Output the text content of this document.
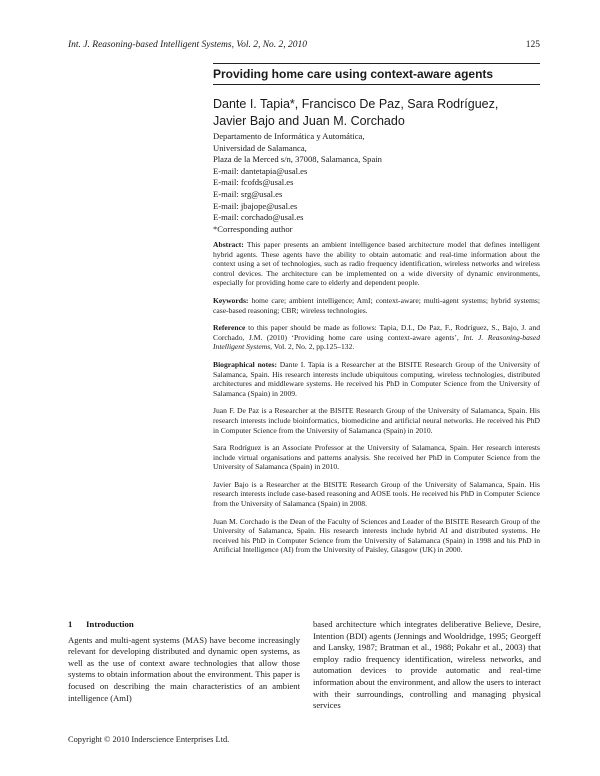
Int. J. Reasoning-based Intelligent Systems, Vol. 2, No. 2, 2010	125
Providing home care using context-aware agents
Dante I. Tapia*, Francisco De Paz, Sara Rodríguez,
Javier Bajo and Juan M. Corchado
Departamento de Informática y Automática,
Universidad de Salamanca,
Plaza de la Merced s/n, 37008, Salamanca, Spain
E-mail: dantetapia@usal.es
E-mail: fcofds@usal.es
E-mail: srg@usal.es
E-mail: jbajope@usal.es
E-mail: corchado@usal.es
*Corresponding author

Abstract: This paper presents an ambient intelligence based architecture model that defines intelligent hybrid agents. These agents have the ability to obtain automatic and real-time information about the context using a set of technologies, such as radio frequency identification, wireless networks and wireless control devices. The architecture can be implemented on a wide diversity of dynamic environments, especially for providing home care to elderly and dependent people.

Keywords: home care; ambient intelligence; AmI; context-aware; multi-agent systems; hybrid systems; case-based reasoning; CBR; wireless technologies.

Reference to this paper should be made as follows: Tapia, D.I., De Paz, F., Rodríguez, S., Bajo, J. and Corchado, J.M. (2010) ‘Providing home care using context-aware agents’, Int. J. Reasoning-based Intelligent Systems, Vol. 2, No. 2, pp.125–132.

Biographical notes: Dante I. Tapia is a Researcher at the BISITE Research Group of the University of Salamanca, Spain. His research interests include ubiquitous computing, wireless technologies, distributed architectures and middleware systems. He received his PhD in Computer Science from the University of Salamanca (Spain) in 2009.

Juan F. De Paz is a Researcher at the BISITE Research Group of the University of Salamanca, Spain. His research interests include bioinformatics, biomedicine and artificial neural networks. He received his PhD in Computer Science from the University of Salamanca (Spain) in 2010.

Sara Rodríguez is an Associate Professor at the University of Salamanca, Spain. Her research interests include virtual organisations and patterns analysis. She received her PhD in Computer Science from the University of Salamanca (Spain) in 2010.

Javier Bajo is a Researcher at the BISITE Research Group of the University of Salamanca, Spain. His research interests include case-based reasoning and AOSE tools. He received his PhD in Computer Science from the University of Salamanca (Spain) in 2008.

Juan M. Corchado is the Dean of the Faculty of Sciences and Leader of the BISITE Research Group of the University of Salamanca, Spain. His research interests include hybrid AI and distributed systems. He received his PhD in Computer Science from the University of Salamanca (Spain) in 1998 and his PhD in Artificial Intelligence (AI) from the University of Paisley, Glasgow (UK) in 2000.

1 Introduction
Agents and multi-agent systems (MAS) have become increasingly relevant for developing distributed and dynamic open systems, as well as the use of context aware technologies that allow those systems to obtain information about the environment. This paper is focused on describing the main characteristics of an ambient intelligence (AmI)
based architecture which integrates deliberative Believe, Desire, Intention (BDI) agents (Jennings and Wooldridge, 1995; Georgeff and Lansky, 1987; Bratman et al., 1988; Pokahr et al., 2003) that employ radio frequency identification, wireless networks, and automation devices to provide automatic and real-time information about the environment, and allow the users to interact with their surroundings, controlling and managing physical services
Copyright © 2010 Inderscience Enterprises Ltd.
